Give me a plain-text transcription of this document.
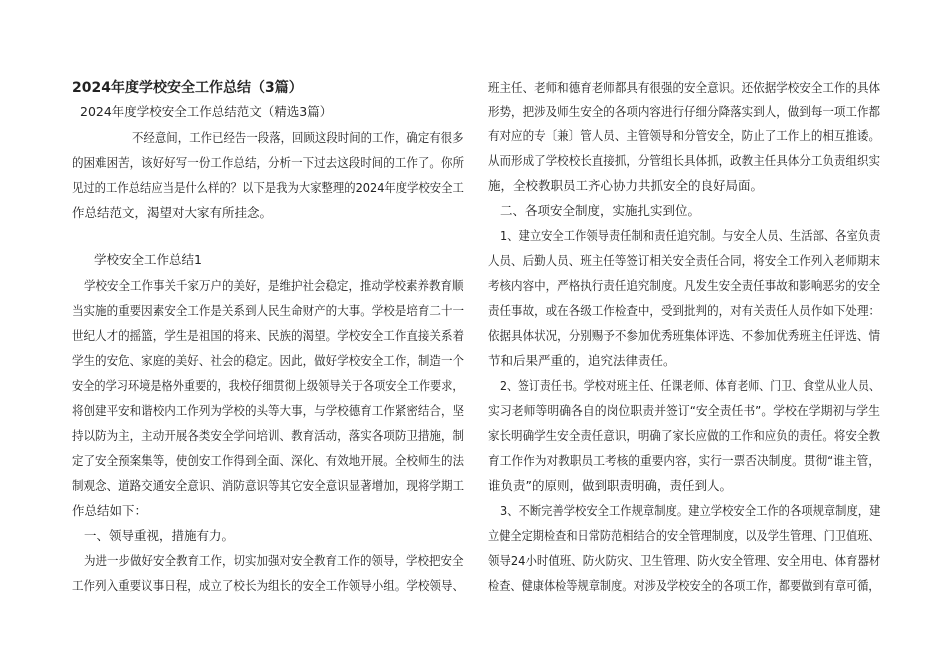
2024年度学校安全工作总结（3篇）
2024年度学校安全工作总结范文（精选3篇）
不经意间，工作已经告一段落，回顾这段时间的工作，确定有很多
的困难困苦，该好好写一份工作总结，分析一下过去这段时间的工作了。你所
见过的工作总结应当是什么样的？以下是我为大家整理的2024年度学校安全工
作总结范文，渴望对大家有所挂念。
学校安全工作总结1
学校安全工作事关千家万户的美好，是维护社会稳定，推动学校素养教育顺
当实施的重要因素安全工作是关系到人民生命财产的大事。学校是培育二十一
世纪人才的摇篮，学生是祖国的将来、民族的渴望。学校安全工作直接关系着
学生的安危、家庭的美好、社会的稳定。因此，做好学校安全工作，制造一个
安全的学习环境是格外重要的，我校仔细贯彻上级领导关于各项安全工作要求，
将创建平安和谐校内工作列为学校的头等大事，与学校德育工作紧密结合，坚
持以防为主，主动开展各类安全学问培训、教育活动，落实各项防卫措施，制
定了安全预案集等，使创安工作得到全面、深化、有效地开展。全校师生的法
制观念、道路交通安全意识、消防意识等其它安全意识显著增加，现将学期工
作总结如下：
一、领导重视，措施有力。
为进一步做好安全教育工作，切实加强对安全教育工作的领导，学校把安全
工作列入重要议事日程，成立了校长为组长的安全工作领导小组。学校领导、
班主任、老师和德育老师都具有很强的安全意识。还依据学校安全工作的具体
形势，把涉及师生安全的各项内容进行仔细分降落实到人，做到每一项工作都
有对应的专〔兼〕管人员、主管领导和分管安全，防止了工作上的相互推诿。
从而形成了学校校长直接抓，分管组长具体抓，政教主任具体分工负责组织实
施，全校教职员工齐心协力共抓安全的良好局面。
二、各项安全制度，实施扎实到位。
1、建立安全工作领导责任制和责任追究制。与安全人员、生活部、各室负责
人员、后勤人员、班主任等签订相关安全责任合同，将安全工作列入老师期末
考核内容中，严格执行责任追究制度。凡发生安全责任事故和影响恶劣的安全
责任事故，或在各级工作检查中，受到批判的，对有关责任人员作如下处理：
依据具体状况，分别赐予不参加优秀班集体评选、不参加优秀班主任评选、情
节和后果严重的，追究法律责任。
2、签订责任书。学校对班主任、任课老师、体育老师、门卫、食堂从业人员、
实习老师等明确各自的岗位职责并签订“安全责任书”。学校在学期初与学生
家长明确学生安全责任意识，明确了家长应做的工作和应负的责任。将安全教
育工作作为对教职员工考核的重要内容，实行一票否决制度。贯彻“谁主管，
谁负责”的原则，做到职责明确，责任到人。
3、不断完善学校安全工作规章制度。建立学校安全工作的各项规章制度，建
立健全定期检查和日常防范相结合的安全管理制度，以及学生管理、门卫值班、
领导24小时值班、防火防灾、卫生管理、防火安全管理、安全用电、体育器材
检查、健康体检等规章制度。对涉及学校安全的各项工作，都要做到有章可循，
